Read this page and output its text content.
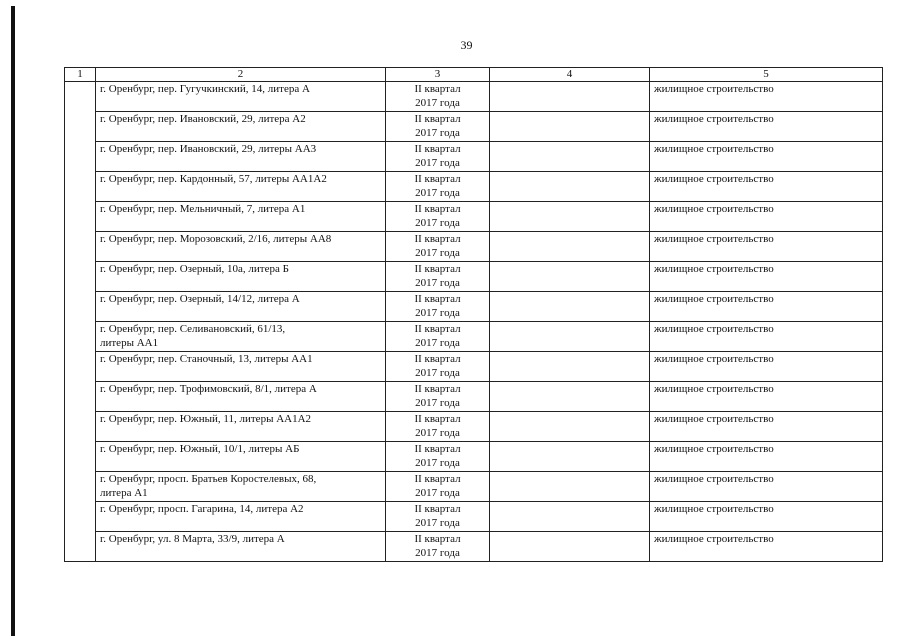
39
1	2	3	4	5
	г. Оренбург, пер. Гугучкинский, 14, литера А	II квартал
2017 года		жилищное строительство
	г. Оренбург, пер. Ивановский, 29, литера А2	II квартал
2017 года		жилищное строительство
	г. Оренбург, пер. Ивановский, 29, литеры АА3	II квартал
2017 года		жилищное строительство
	г. Оренбург, пер. Кардонный, 57, литеры АА1А2	II квартал
2017 года		жилищное строительство
	г. Оренбург, пер. Мельничный, 7, литера А1	II квартал
2017 года		жилищное строительство
	г. Оренбург, пер. Морозовский, 2/16, литеры АА8	II квартал
2017 года		жилищное строительство
	г. Оренбург, пер. Озерный, 10а, литера Б	II квартал
2017 года		жилищное строительство
	г. Оренбург, пер. Озерный, 14/12, литера А	II квартал
2017 года		жилищное строительство
	г. Оренбург, пер. Селивановский, 61/13,
литеры АА1	II квартал
2017 года		жилищное строительство
	г. Оренбург, пер. Станочный, 13, литеры АА1	II квартал
2017 года		жилищное строительство
	г. Оренбург, пер. Трофимовский, 8/1, литера А	II квартал
2017 года		жилищное строительство
	г. Оренбург, пер. Южный, 11, литеры АА1А2	II квартал
2017 года		жилищное строительство
	г. Оренбург, пер. Южный, 10/1, литеры АБ	II квартал
2017 года		жилищное строительство
	г. Оренбург, просп. Братьев Коростелевых, 68,
литера А1	II квартал
2017 года		жилищное строительство
	г. Оренбург, просп. Гагарина, 14, литера А2	II квартал
2017 года		жилищное строительство
	г. Оренбург, ул. 8 Марта, 33/9, литера А	II квартал
2017 года		жилищное строительство
